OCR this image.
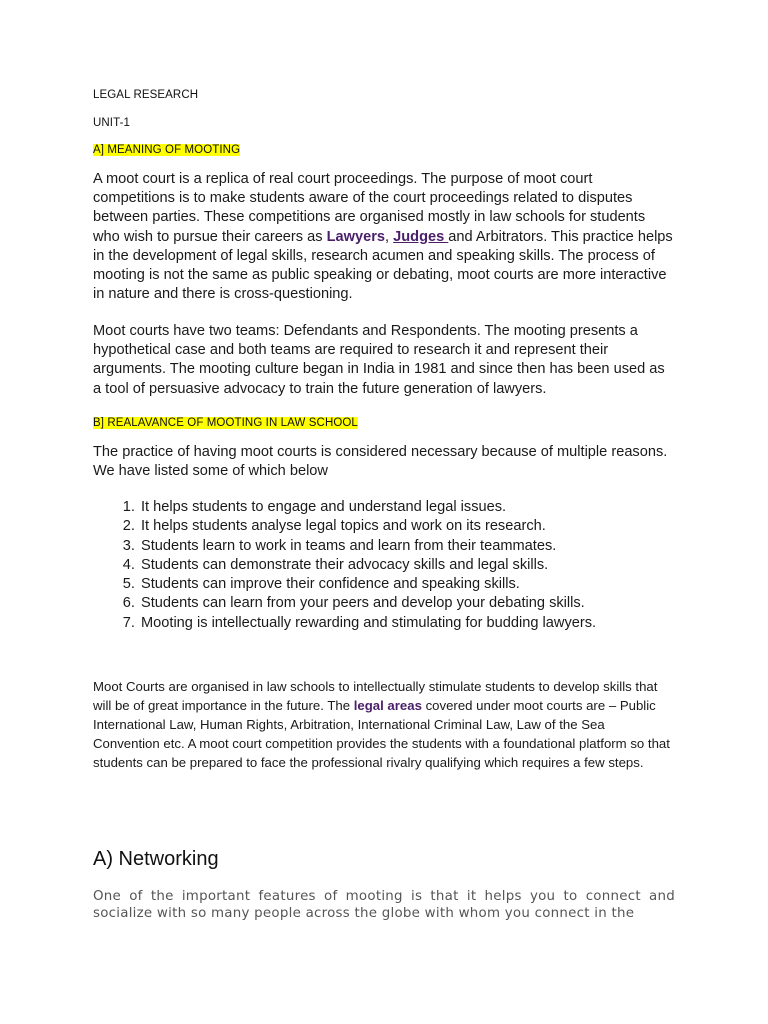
LEGAL RESEARCH
UNIT-1
A] MEANING OF MOOTING

A moot court is a replica of real court proceedings. The purpose of moot court competitions is to make students aware of the court proceedings related to disputes between parties. These competitions are organised mostly in law schools for students who wish to pursue their careers as Lawyers, Judges and Arbitrators. This practice helps in the development of legal skills, research acumen and speaking skills. The process of mooting is not the same as public speaking or debating, moot courts are more interactive in nature and there is cross-questioning.

Moot courts have two teams: Defendants and Respondents. The mooting presents a hypothetical case and both teams are required to research it and represent their arguments. The mooting culture began in India in 1981 and since then has been used as a tool of persuasive advocacy to train the future generation of lawyers.

B] REALAVANCE OF MOOTING IN LAW SCHOOL

The practice of having moot courts is considered necessary because of multiple reasons. We have listed some of which below

1. It helps students to engage and understand legal issues.
2. It helps students analyse legal topics and work on its research.
3. Students learn to work in teams and learn from their teammates.
4. Students can demonstrate their advocacy skills and legal skills.
5. Students can improve their confidence and speaking skills.
6. Students can learn from your peers and develop your debating skills.
7. Mooting is intellectually rewarding and stimulating for budding lawyers.

Moot Courts are organised in law schools to intellectually stimulate students to develop skills that will be of great importance in the future. The legal areas covered under moot courts are – Public International Law, Human Rights, Arbitration, International Criminal Law, Law of the Sea Convention etc. A moot court competition provides the students with a foundational platform so that students can be prepared to face the professional rivalry qualifying which requires a few steps.

A) Networking

One of the important features of mooting is that it helps you to connect and socialize with so many people across the globe with whom you connect in the
